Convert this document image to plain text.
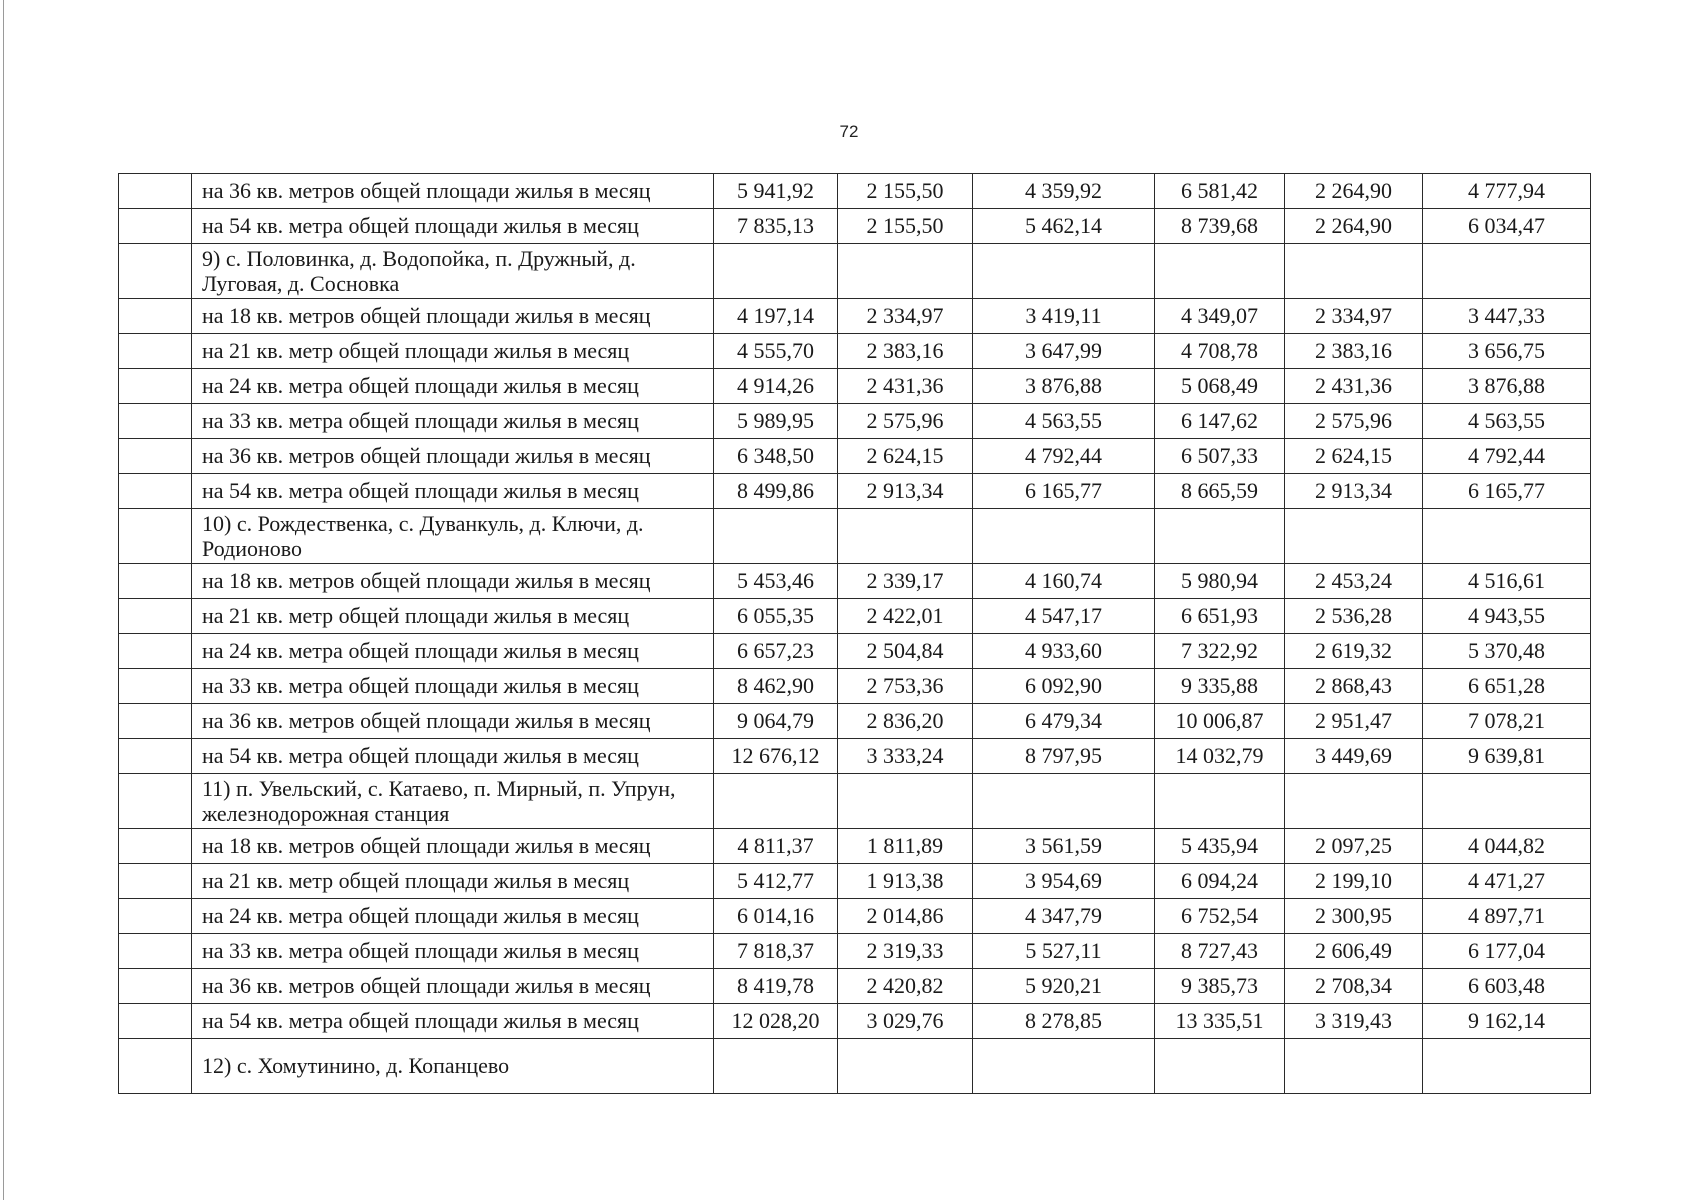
72
	на 36 кв. метров общей площади жилья в месяц	5 941,92	2 155,50	4 359,92	6 581,42	2 264,90	4 777,94
	на 54 кв. метра общей площади жилья в месяц	7 835,13	2 155,50	5 462,14	8 739,68	2 264,90	6 034,47
	9) с. Половинка, д. Водопойка, п. Дружный, д. Луговая, д. Сосновка						
	на 18 кв. метров общей площади жилья в месяц	4 197,14	2 334,97	3 419,11	4 349,07	2 334,97	3 447,33
	на 21 кв. метр общей площади жилья в месяц	4 555,70	2 383,16	3 647,99	4 708,78	2 383,16	3 656,75
	на 24 кв. метра общей площади жилья в месяц	4 914,26	2 431,36	3 876,88	5 068,49	2 431,36	3 876,88
	на 33 кв. метра общей площади жилья в месяц	5 989,95	2 575,96	4 563,55	6 147,62	2 575,96	4 563,55
	на 36 кв. метров общей площади жилья в месяц	6 348,50	2 624,15	4 792,44	6 507,33	2 624,15	4 792,44
	на 54 кв. метра общей площади жилья в месяц	8 499,86	2 913,34	6 165,77	8 665,59	2 913,34	6 165,77
	10) с. Рождественка, с. Дуванкуль, д. Ключи, д. Родионово						
	на 18 кв. метров общей площади жилья в месяц	5 453,46	2 339,17	4 160,74	5 980,94	2 453,24	4 516,61
	на 21 кв. метр общей площади жилья в месяц	6 055,35	2 422,01	4 547,17	6 651,93	2 536,28	4 943,55
	на 24 кв. метра общей площади жилья в месяц	6 657,23	2 504,84	4 933,60	7 322,92	2 619,32	5 370,48
	на 33 кв. метра общей площади жилья в месяц	8 462,90	2 753,36	6 092,90	9 335,88	2 868,43	6 651,28
	на 36 кв. метров общей площади жилья в месяц	9 064,79	2 836,20	6 479,34	10 006,87	2 951,47	7 078,21
	на 54 кв. метра общей площади жилья в месяц	12 676,12	3 333,24	8 797,95	14 032,79	3 449,69	9 639,81
	11) п. Увельский, с. Катаево, п. Мирный, п. Упрун, железнодорожная станция						
	на 18 кв. метров общей площади жилья в месяц	4 811,37	1 811,89	3 561,59	5 435,94	2 097,25	4 044,82
	на 21 кв. метр общей площади жилья в месяц	5 412,77	1 913,38	3 954,69	6 094,24	2 199,10	4 471,27
	на 24 кв. метра общей площади жилья в месяц	6 014,16	2 014,86	4 347,79	6 752,54	2 300,95	4 897,71
	на 33 кв. метра общей площади жилья в месяц	7 818,37	2 319,33	5 527,11	8 727,43	2 606,49	6 177,04
	на 36 кв. метров общей площади жилья в месяц	8 419,78	2 420,82	5 920,21	9 385,73	2 708,34	6 603,48
	на 54 кв. метра общей площади жилья в месяц	12 028,20	3 029,76	8 278,85	13 335,51	3 319,43	9 162,14
	12) с. Хомутинино, д. Копанцево						
